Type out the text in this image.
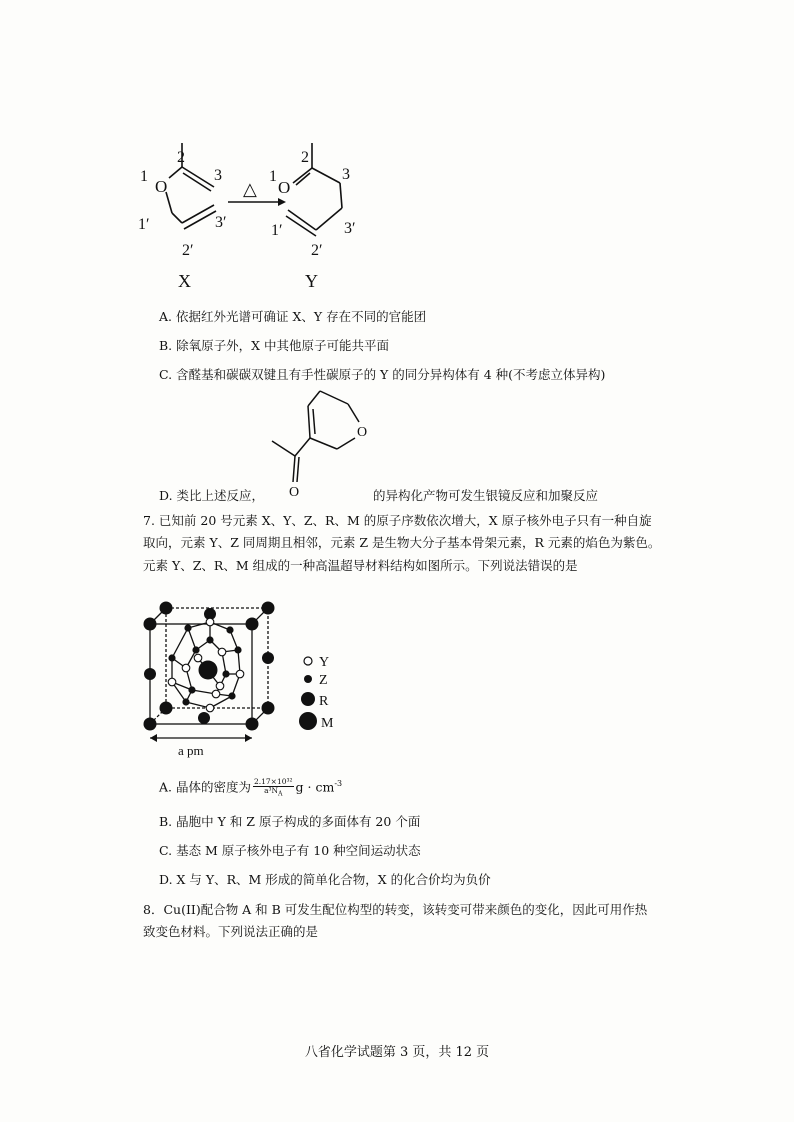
1
2
3
O
1′
2′
3′
△
1
O
2
3
1′
2′
3′
X	Y
A. 依据红外光谱可确证 X、Y 存在不同的官能团
B. 除氧原子外，X 中其他原子可能共平面
C. 含醛基和碳碳双键且有手性碳原子的 Y 的同分异构体有 4 种(不考虑立体异构)
O
O
D. 类比上述反应，	的异构化产物可发生银镜反应和加聚反应
7. 已知前 20 号元素 X、Y、Z、R、M 的原子序数依次增大，X 原子核外电子只有一种自旋
取向，元素 Y、Z 同周期且相邻，元素 Z 是生物大分子基本骨架元素，R 元素的焰色为紫色。
元素 Y、Z、R、M 组成的一种高温超导材料结构如图所示。下列说法错误的是
a pm
Y
Z
R
M
A. 晶体的密度为 $\frac{\text{2.17×10³²}}{a^3N_A}$ $g \cdot cm^{-3}$
B. 晶胞中 Y 和 Z 原子构成的多面体有 20 个面
C. 基态 M 原子核外电子有 10 种空间运动状态
D. X 与 Y、R、M 形成的简单化合物，X 的化合价均为负价
8．Cu(II)配合物 A 和 B 可发生配位构型的转变，该转变可带来颜色的变化，因此可用作热
致变色材料。下列说法正确的是
八省化学试题第 3 页，共 12 页
